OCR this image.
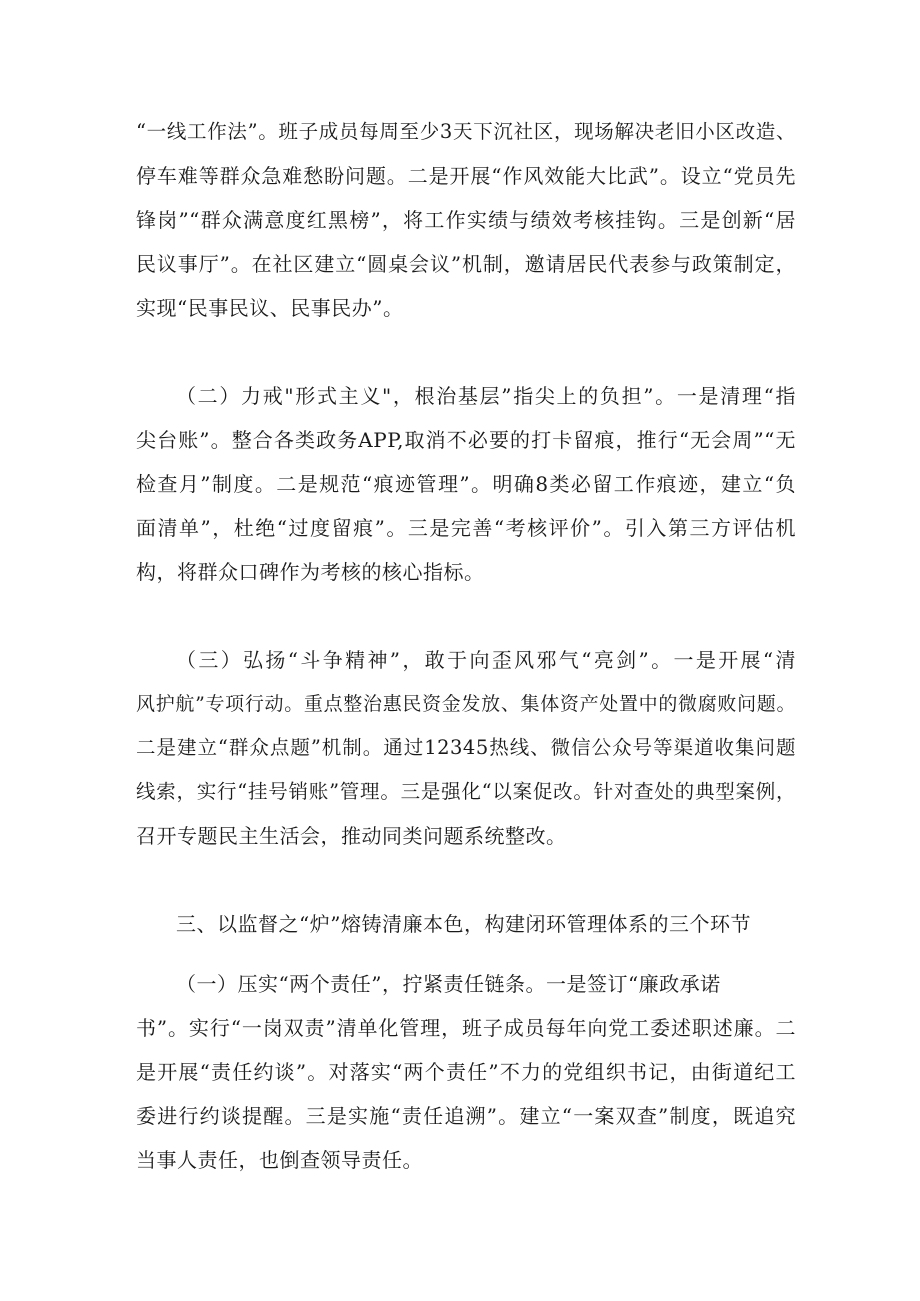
“一线工作法”。班子成员每周至少3天下沉社区，现场解决老旧小区改造、
停车难等群众急难愁盼问题。二是开展“作风效能大比武”。设立“党员先
锋岗”“群众满意度红黑榜”，将工作实绩与绩效考核挂钩。三是创新“居
民议事厅”。在社区建立“圆桌会议”机制，邀请居民代表参与政策制定，
实现“民事民议、民事民办”。
（二）力戒"形式主义"，根治基层”指尖上的负担”。一是清理“指
尖台账”。整合各类政务APP,取消不必要的打卡留痕，推行“无会周”“无
检查月”制度。二是规范“痕迹管理”。明确8类必留工作痕迹，建立“负
面清单”，杜绝“过度留痕”。三是完善“考核评价”。引入第三方评估机
构，将群众口碑作为考核的核心指标。
（三）弘扬“斗争精神”，敢于向歪风邪气“亮剑”。一是开展“清
风护航”专项行动。重点整治惠民资金发放、集体资产处置中的微腐败问题。
二是建立“群众点题”机制。通过12345热线、微信公众号等渠道收集问题
线索，实行“挂号销账”管理。三是强化“以案促改。针对查处的典型案例，
召开专题民主生活会，推动同类问题系统整改。
三、以监督之“炉”熔铸清廉本色，构建闭环管理体系的三个环节
（一）压实“两个责任”，拧紧责任链条。一是签订“廉政承诺
书”。实行“一岗双责”清单化管理，班子成员每年向党工委述职述廉。二
是开展“责任约谈”。对落实“两个责任”不力的党组织书记，由街道纪工
委进行约谈提醒。三是实施“责任追溯”。建立“一案双查”制度，既追究
当事人责任，也倒查领导责任。
